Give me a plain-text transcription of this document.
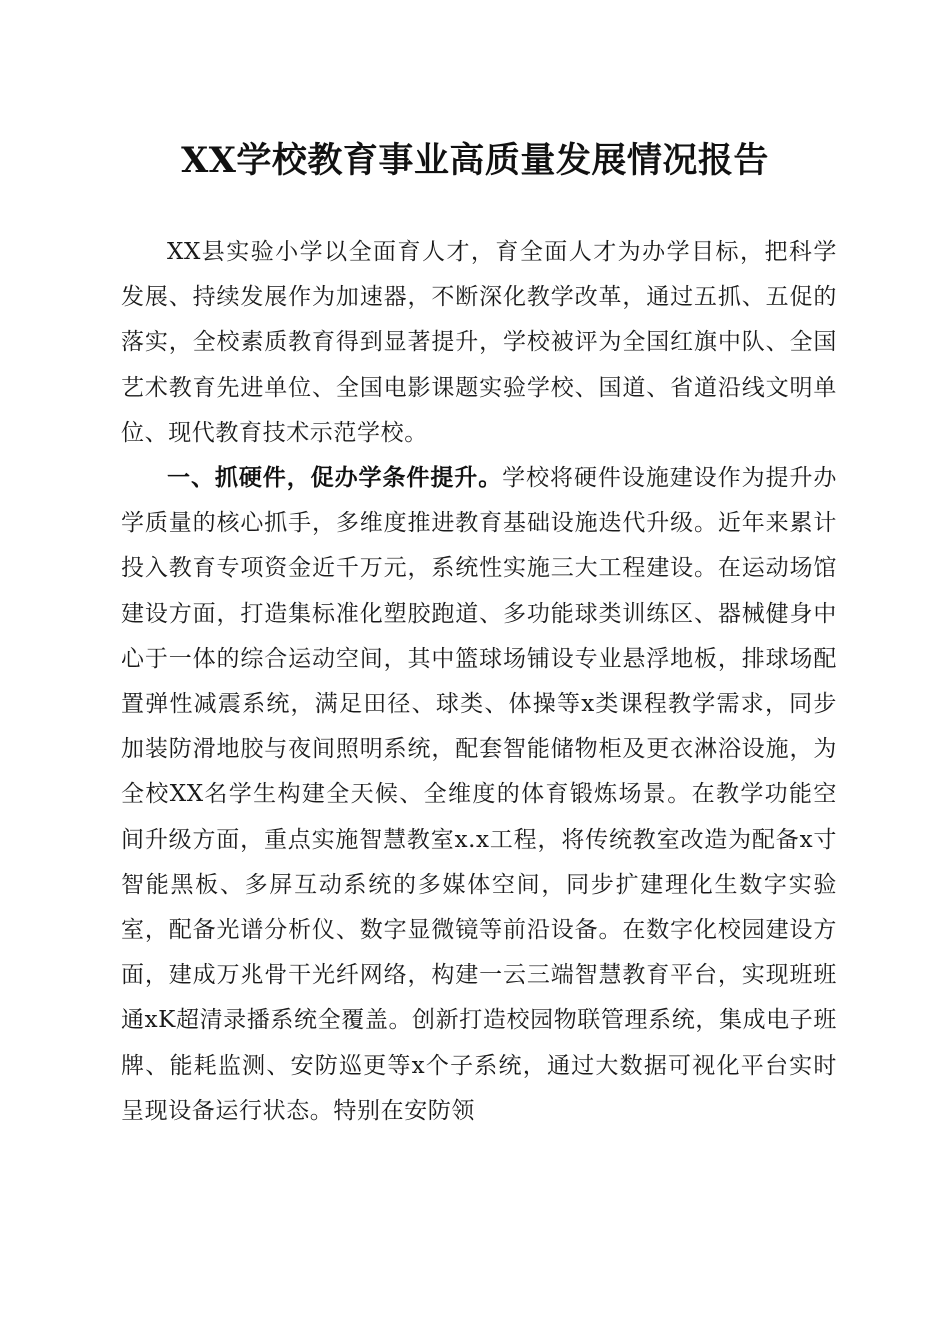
XX学校教育事业高质量发展情况报告

XX县实验小学以全面育人才，育全面人才为办学目标，把科学发展、持续发展作为加速器，不断深化教学改革，通过五抓、五促的落实，全校素质教育得到显著提升，学校被评为全国红旗中队、全国艺术教育先进单位、全国电影课题实验学校、国道、省道沿线文明单位、现代教育技术示范学校。

一、抓硬件，促办学条件提升。学校将硬件设施建设作为提升办学质量的核心抓手，多维度推进教育基础设施迭代升级。近年来累计投入教育专项资金近千万元，系统性实施三大工程建设。在运动场馆建设方面，打造集标准化塑胶跑道、多功能球类训练区、器械健身中心于一体的综合运动空间，其中篮球场铺设专业悬浮地板，排球场配置弹性减震系统，满足田径、球类、体操等x类课程教学需求，同步加装防滑地胶与夜间照明系统，配套智能储物柜及更衣淋浴设施，为全校XX名学生构建全天候、全维度的体育锻炼场景。在教学功能空间升级方面，重点实施智慧教室x.x工程，将传统教室改造为配备x寸智能黑板、多屏互动系统的多媒体空间，同步扩建理化生数字实验室，配备光谱分析仪、数字显微镜等前沿设备。在数字化校园建设方面，建成万兆骨干光纤网络，构建一云三端智慧教育平台，实现班班通xK超清录播系统全覆盖。创新打造校园物联管理系统，集成电子班牌、能耗监测、安防巡更等x个子系统，通过大数据可视化平台实时呈现设备运行状态。特别在安防领
